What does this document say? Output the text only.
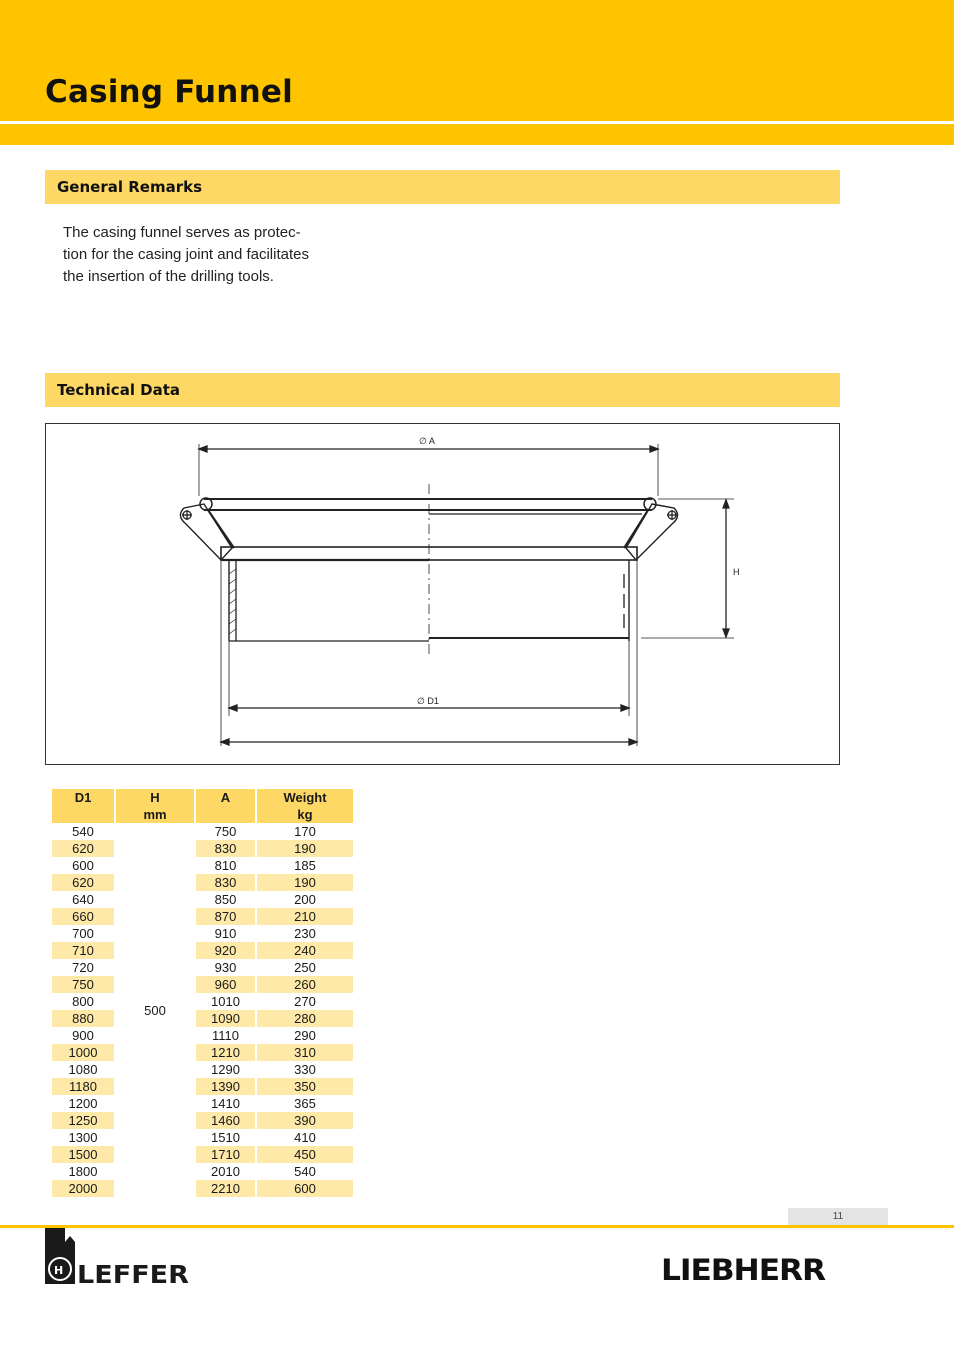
Casing Funnel
General Remarks
The casing funnel serves as protec-
tion for the casing joint and facilitates
the insertion of the drilling tools.
Technical Data
∅ A
H
∅ D1
D1	H	A	Weight
	mm		kg
540	500	750	170
620		830	190
600		810	185
620		830	190
640		850	200
660		870	210
700		910	230
710		920	240
720		930	250
750		960	260
800		1010	270
880		1090	280
900		1110	290
1000		1210	310
1080		1290	330
1180		1390	350
1200		1410	365
1250		1460	390
1300		1510	410
1500		1710	450
1800		2010	540
2000		2210	600
11
H LEFFER	LIEBHERR
